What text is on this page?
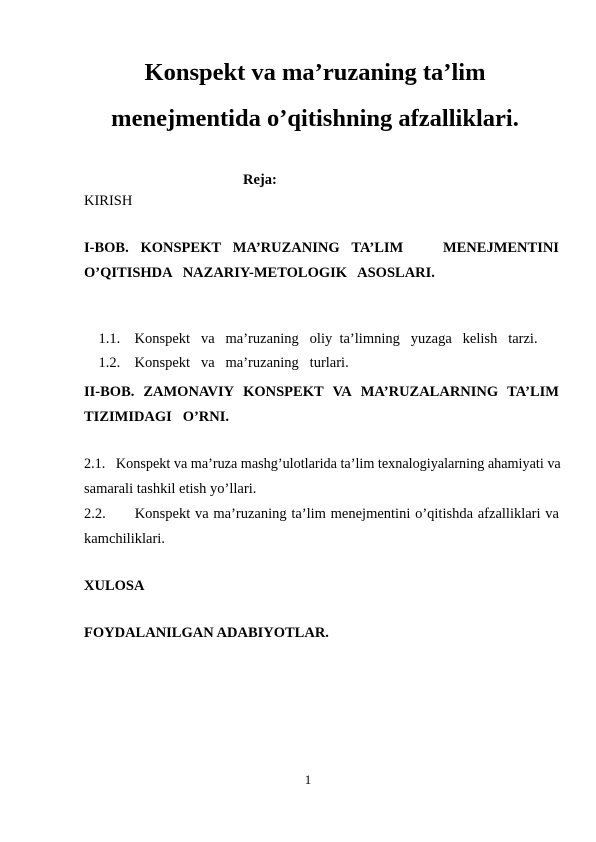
Konspekt va ma’ruzaning ta’lim
menejmentida o’qitishning afzalliklari.
Reja:
KIRISH
I-BOB. KONSPEKT MA’RUZANING TA’LIM	MENEJMENTINI
O’QITISHDA   NAZARIY-METOLOGIK   ASOSLARI.

1.1. Konspekt   va   ma’ruzaning   oliy  ta’limning   yuzaga   kelish   tarzi.

1.2. Konspekt   va   ma’ruzaning   turlari.

II-BOB. ZAMONAVIY KONSPEKT VA MA’RUZALARNING TA’LIM
TIZIMIDAGI   O’RNI.
2.1.   Konspekt va ma’ruza mashg’ulotlarida ta’lim texnalogiyalarning ahamiyati va
samarali tashkil etish yo’llari.
2.2.	Konspekt va ma’ruzaning ta’lim menejmentini o’qitishda afzalliklari va
kamchiliklari.
XULOSA
FOYDALANILGAN ADABIYOTLAR.
1
